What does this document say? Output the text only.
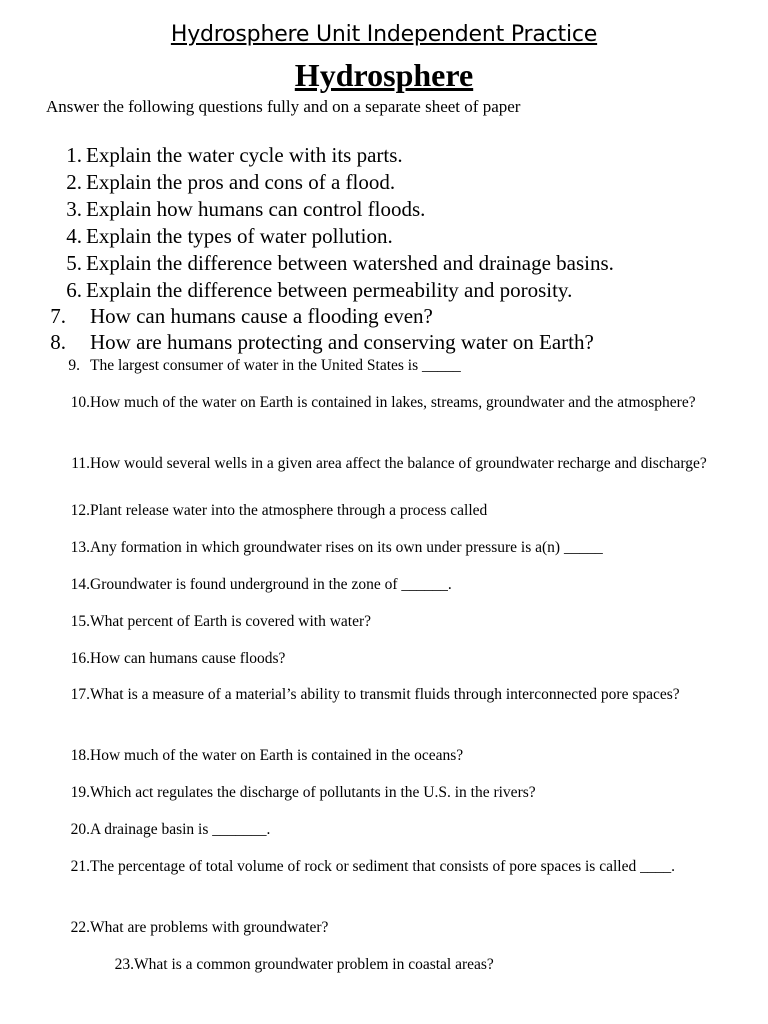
Hydrosphere Unit Independent Practice
Hydrosphere
Answer the following questions fully and on a separate sheet of paper
1. Explain the water cycle with its parts.
2. Explain the pros and cons of a flood.
3. Explain how humans can control floods.
4. Explain the types of water pollution.
5. Explain the difference between watershed and drainage basins.
6. Explain the difference between permeability and porosity.
7. How can humans cause a flooding even?
8. How are humans protecting and conserving water on Earth?
9. The largest consumer of water in the United States is _____
10.How much of the water on Earth is contained in lakes, streams, groundwater and the atmosphere?
11.How would several wells in a given area affect the balance of groundwater recharge and discharge?
12.Plant release water into the atmosphere through a process called
13.Any formation in which groundwater rises on its own under pressure is a(n) _____
14.Groundwater is found underground in the zone of ______.
15.What percent of Earth is covered with water?
16.How can humans cause floods?
17.What is a measure of a material’s ability to transmit fluids through interconnected pore spaces?
18.How much of the water on Earth is contained in the oceans?
19.Which act regulates the discharge of pollutants in the U.S. in the rivers?
20.A drainage basin is _______.
21.The percentage of total volume of rock or sediment that consists of pore spaces is called ____.
22.What are problems with groundwater?
23.What is a common groundwater problem in coastal areas?
